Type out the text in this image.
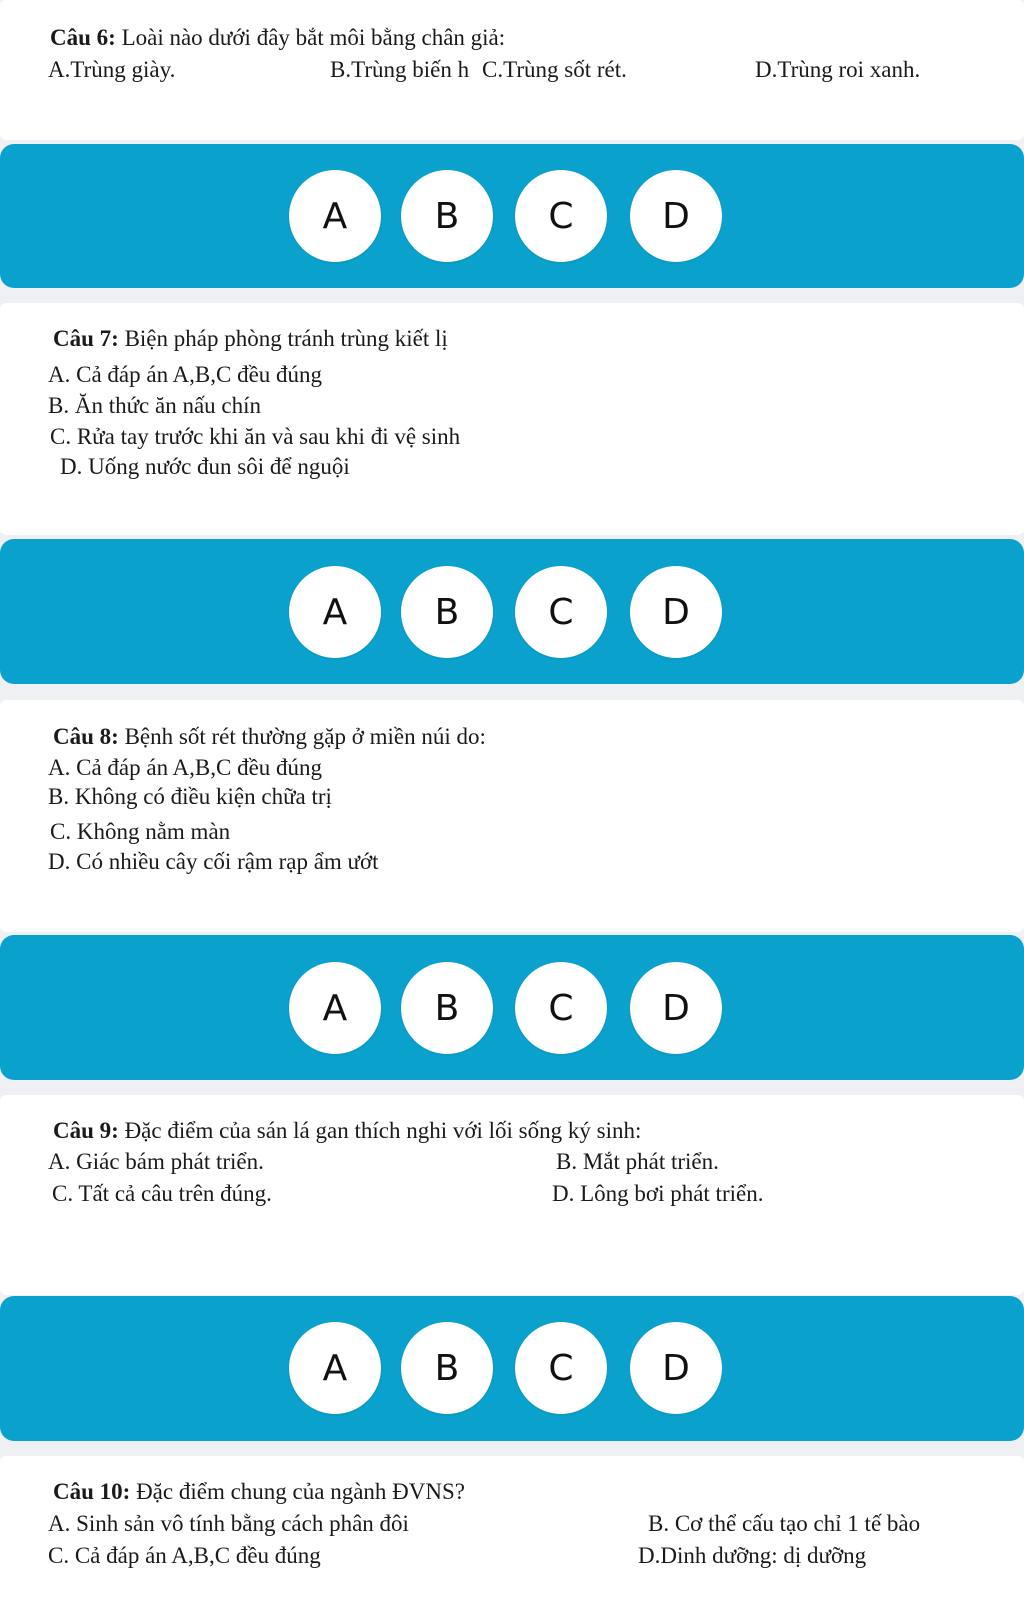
Câu 6: Loài nào dưới đây bắt môi bằng chân giả:
A.Trùng giày.	B.Trùng biến h C.Trùng sốt rét.	D.Trùng roi xanh.
A	B	C	D
Câu 7: Biện pháp phòng tránh trùng kiết lị
A. Cả đáp án A,B,C đều đúng
B. Ăn thức ăn nấu chín
C. Rửa tay trước khi ăn và sau khi đi vệ sinh
D. Uống nước đun sôi để nguội
A	B	C	D
Câu 8: Bệnh sốt rét thường gặp ở miền núi do:
A. Cả đáp án A,B,C đều đúng
B. Không có điều kiện chữa trị
C. Không nằm màn
D. Có nhiều cây cối rậm rạp ẩm ướt
A	B	C	D
Câu 9: Đặc điểm của sán lá gan thích nghi với lối sống ký sinh:
A. Giác bám phát triển.	B. Mắt phát triển.
C. Tất cả câu trên đúng.	D. Lông bơi phát triển.
A	B	C	D
Câu 10: Đặc điểm chung của ngành ĐVNS?
A. Sinh sản vô tính bằng cách phân đôi	B. Cơ thể cấu tạo chỉ 1 tế bào
C. Cả đáp án A,B,C đều đúng	D.Dinh dưỡng: dị dưỡng
